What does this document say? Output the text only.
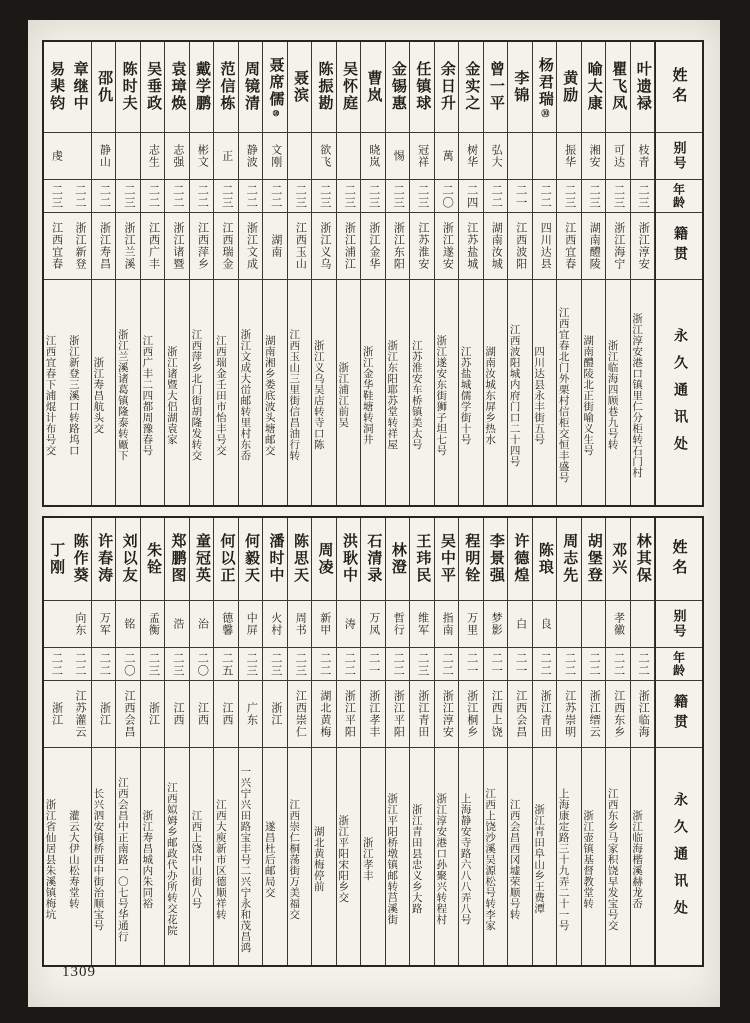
姓名
别号
年龄
籍贯
永久通讯处
叶遗禄
枝青
二三
浙江淳安
浙江淳安港口镇里仁分柜转石门村
瞿飞凤
可达
二三
浙江海宁
浙江临海四顾巷九号转
喻大康
湘安
二三
湖南醴陵
湖南醴陵北正街喻义生号
黄励
振华
二三
江西宜春
江西宜春北门外栗村信柜交恒丰盛号
杨君瑞㉚
二二
四川达县
四川达县永丰街五号
李锦
二一
江西波阳
江西波阳城内府门口二十四号
曾一平
弘大
二二
湖南汝城
湖南汝城东屏乡热水
金实之
树华
二四
江苏盐城
江苏盐城儒学街十号
余日升
萬
二〇
浙江遂安
浙江遂安东街狮子坦七号
任镇球
冠祥
二三
江苏淮安
江苏淮安车桥镇美太号
金锡惠
惕
二三
浙江东阳
浙江东阳耶苏堂转祥屋
曹岚
晓岚
二三
浙江金华
浙江金华鞋塘转洞井
吴怀庭
二三
浙江浦江
浙江浦江前吴
陈振勘
欲飞
二三
浙江义乌
浙江义乌吴店转寺口陈
聂滨
二三
江西玉山
江西玉山三里街信昌油行转
聂席儒⑩
文刚
二二
湖南
湖南湘乡娄底波头塘邮交
周镜清
静波
二二
浙江文成
浙江文成大峃邮转里村东岙
范信栋
正
二三
江西瑞金
江西瑞金壬田市怡丰号交
戴学鹏
彬文
二二
江西萍乡
江西萍乡北门街胡隆发转交
袁璋焕
志强
二二
浙江诸暨
浙江诸暨大侣湖袁家
吴垂政
志生
二二
江西广丰
江西广丰二四都周豫春号
陈时夫
二三
浙江兰溪
浙江兰溪诸葛镇隆泰转厰下
邵仇
静山
二二
浙江寿昌
浙江寿昌航头交
章继中
二二
浙江新登
浙江新登三溪口转路坞口
易棐钧
虔
二三
江西宜春
江西宜春下浦焜计布号交
姓名
别号
年龄
籍贯
永久通讯处
林其保
二二
浙江临海
浙江临海楷溪赫龙岙
邓兴
孝徽
二二
江西东乡
江西东乡马家积饶早发宝号交
胡堡登
二二
浙江缙云
浙江壶镇基督教堂转
周志先
二二
江苏崇明
上海康定路三十九弄二十一号
陈琅
良
二二
浙江青田
浙江青田阜山乡王费潭
许德煌
白
二一
江西会昌
江西会昌西冈墟荣顺号转
李景强
梦影
二一
江西上饶
江西上饶沙溪吴源松号转李家
程明铨
万里
二一
浙江桐乡
上海静安寺路六八八弄八号
吴中平
指南
二二
浙江淳安
浙江淳安港口孙聚兴转程村
王玮民
维军
二三
浙江青田
浙江青田县忠义乡大路
林澄
哲行
二二
浙江平阳
浙江平阳桥墩镇邮转莒溪街
石清录
万凤
二一
浙江孝丰
浙江孝丰
洪耿中
涛
二二
浙江平阳
浙江平阳宋阳乡交
周凌
新甲
二二
湖北黄梅
湖北黄梅停前
陈思天
周书
二三
江西崇仁
江西崇仁桐荡街万美福交
潘时中
火村
二三
浙江
遂昌杜后邮局交
何毅天
中屏
二三
广东
一兴宁兴田路宝丰号二兴宁永和茂昌鸿
何以正
德馨
二五
江西
江西大庾新市区德顺祥转
童冠英
治
二〇
江西
江西上饶中山街八号
郑鹏图
浩
二三
江西
江西姒姆乡邮政代办所转交花院
朱铨
孟衡
二三
浙江
浙江寿昌城内朱同裕
刘以友
铭
二〇
江西会昌
江西会昌中正南路一〇七号华通行
许春涛
万军
二二
浙江
长兴泗安镇桥西中街治顺宝号
陈作葵
向东
二二
江苏灌云
灌云大伊山松寿堂转
丁刚
二二
浙江
浙江省仙居县朱溪镇梅坑
1309
